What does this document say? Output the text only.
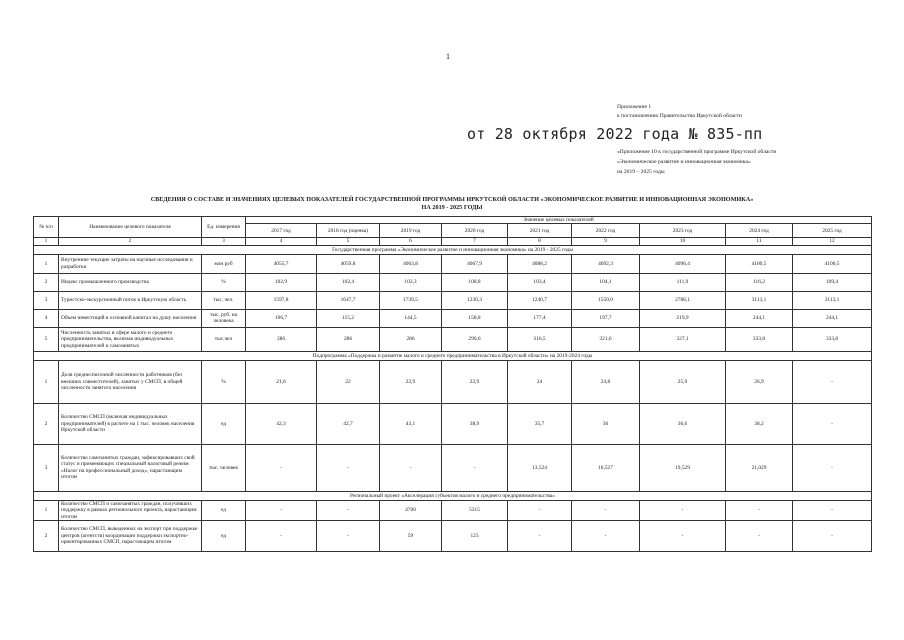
1
Приложение 1
к постановлению Правительства Иркутской области
от 28 октября 2022 года № 835-пп
«Приложение 10 к государственной программе Иркутской области
«Экономическое развитие и инновационная экономика»
на 2019 – 2025 годы
СВЕДЕНИЯ О СОСТАВЕ И ЗНАЧЕНИЯХ ЦЕЛЕВЫХ ПОКАЗАТЕЛЕЙ ГОСУДАРСТВЕННОЙ ПРОГРАММЫ ИРКУТСКОЙ ОБЛАСТИ «ЭКОНОМИЧЕСКОЕ РАЗВИТИЕ И ИННОВАЦИОННАЯ ЭКОНОМИКА»
НА 2019 - 2025 ГОДЫ
№ п/п	Наименование целевого показателя	Ед. измерения	Значение целевых показателей								
			2017 год	2018 год (оценка)	2019 год	2020 год	2021 год	2022 год	2023 год	2024 год	2025 год
1	2	3	4	5	6	7	8	9	10	11	12
Государственная программа «Экономическое развитие и инновационная экономика» на 2019 - 2025 годы											
1	Внутренние текущие затраты на научные исследования и разработки	млн руб	4055,7	4059,8	4063,8	4067,9	4088,2	4092,3	4096,4	4100,5	4100,5
2	Индекс промышленного производства	%	102,9	102,4	102,3	108,8	103,4	104,1	111,9	116,2	109,4
3	Туристско-экскурсионный поток в Иркутскую область	тыс. чел.	1597,8	1647,7	1739,5	1230,3	1240,7	1550,0	2788,1	3113,1	3113,1
4	Объем инвестиций в основной капитал на душу населения	тыс. руб. на человека	106,7	115,2	144,5	158,8	177,4	197,7	219,9	244,1	244,1
5	Численность занятых в сфере малого и среднего предпринимательства, включая индивидуальных предпринимателей и самозанятых	тыс.чел	286	286	286	290,6	316,5	321,6	327,1	333,8	333,8
Подпрограмма «Поддержка и развитие малого и среднего предпринимательства в Иркутской области» на 2019-2024 годы											
1	Доля среднесписочной численности работников (без внешних совместителей), занятых у СМСП, в общей численности занятого населения	%	21,6	22	22,9	22,9	24	24,8	25,9	26,9	-
2	Количество СМСП (включая индивидуальных предпринимателей) в расчете на 1 тыс. человек населения Иркутской области	ед	42,3	42,7	43,1	38,9	35,7	36	36,6	38,2	-
3	Количество самозанятых граждан, зафиксировавших свой статус и применяющих специальный налоговый режим «Налог на профессиональный доход», нарастающим итогом	тыс. человек	-	-	-	-	13,524	16,527	19,529	21,029	-
Региональный проект «Акселерация субъектов малого и среднего предпринимательства»											
1	Количество СМСП и самозанятых граждан, получивших поддержку в рамках регионального проекта, нарастающим итогом	ед	-	-	4700	5315	-	-	-	-	-
2	Количество СМСП, выведенных на экспорт при поддержке центров (агентств) координации поддержки экспортно-ориентированных СМСП, нарастающим итогом	ед	-	-	59	123	-	-	-	-	-
